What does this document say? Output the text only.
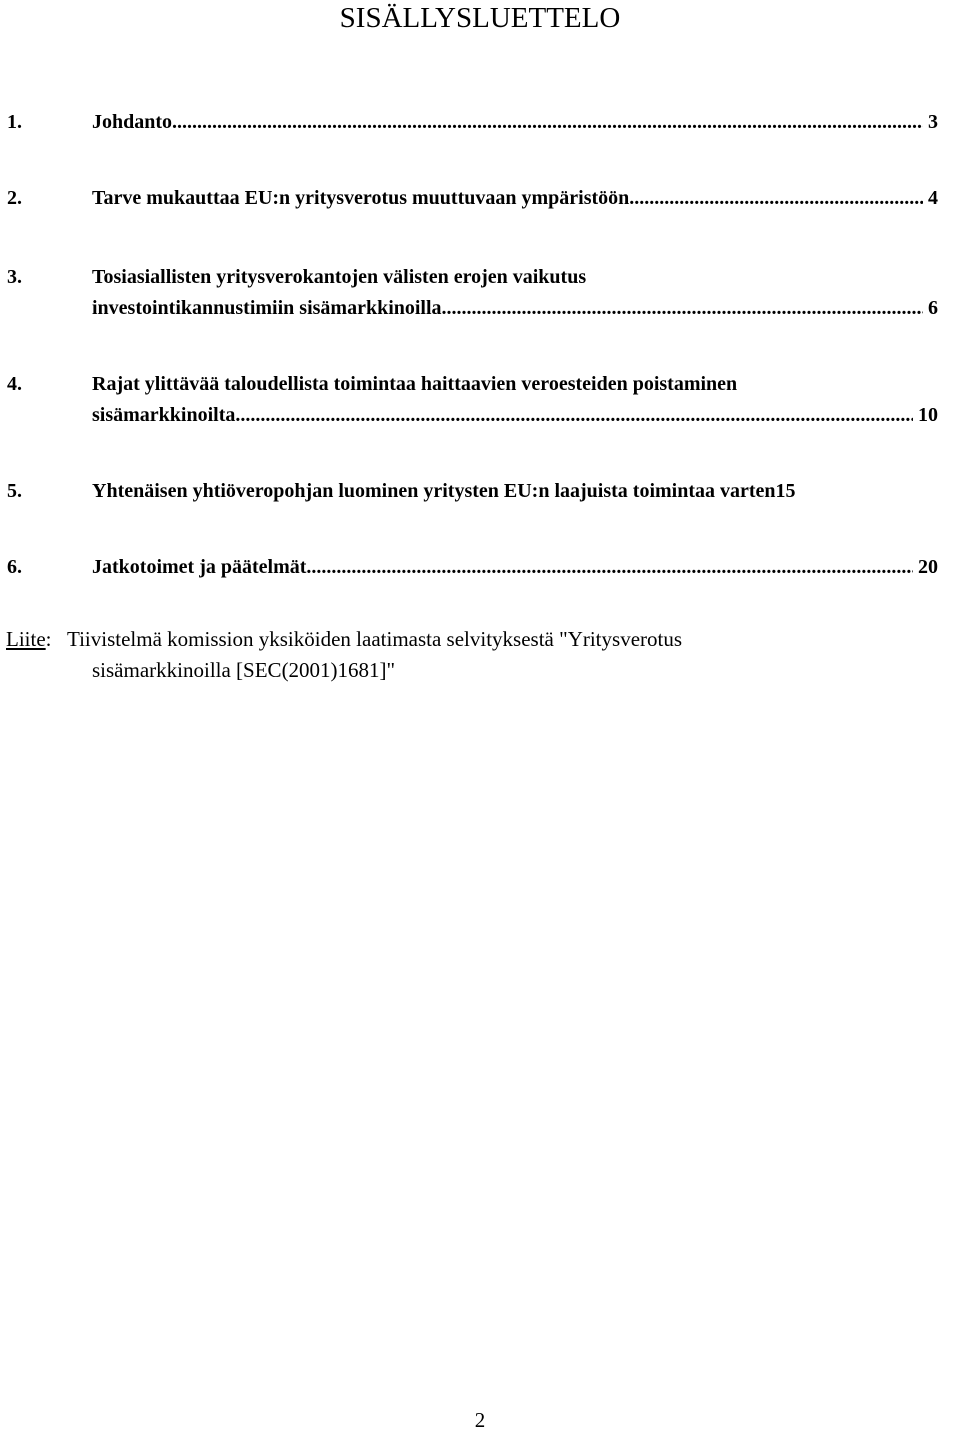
SISÄLLYSLUETTELO
1.	Johdanto .....	3
2.	Tarve mukauttaa EU:n yritysverotus muuttuvaan ympäristöön .....	4
3.	Tosiasiallisten yritysverokantojen välisten erojen vaikutus
investointikannustimiin sisämarkkinoilla .....	6
4.	Rajat ylittävää taloudellista toimintaa haittaavien veroesteiden poistaminen
sisämarkkinoilta .....	10
5.	Yhtenäisen yhtiöveropohjan luominen yritysten EU:n laajuista toimintaa varten 15
6.	Jatkotoimet ja päätelmät .....	20
Liite: Tiivistelmä komission yksiköiden laatimasta selvityksestä "Yritysverotus
sisämarkkinoilla [SEC(2001)1681]"
2
